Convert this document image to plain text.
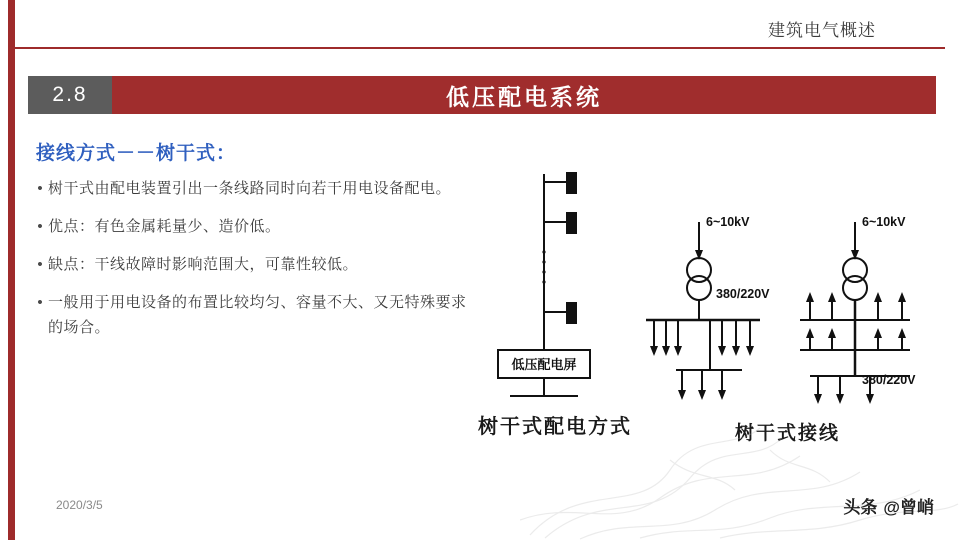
建筑电气概述
2.8	低压配电系统
接线方式－－树干式：
• 树干式由配电装置引出一条线路同时向若干用电设备配电。
• 优点：有色金属耗量少、造价低。
• 缺点：干线故障时影响范围大，可靠性较低。
• 一般用于用电设备的布置比较均匀、容量不大、又无特殊要求的场合。
低压配电屏
6~10kV
380/220V
6~10kV
380/220V
树干式配电方式	树干式接线
2020/3/5	头条 @曾峭
